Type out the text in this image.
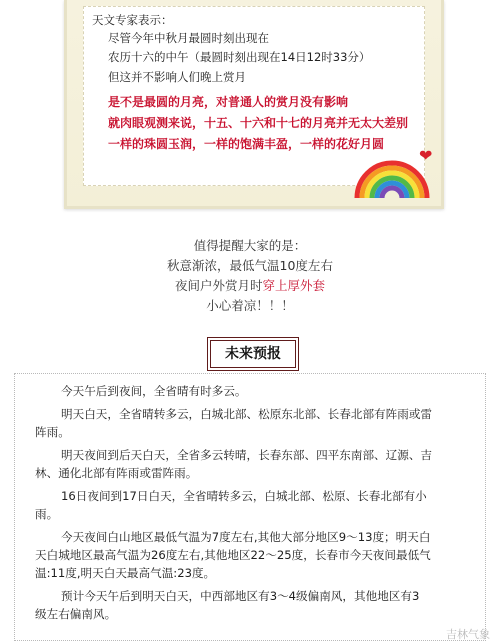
天文专家表示：
尽管今年中秋月最圆时刻出现在
农历十六的中午（最圆时刻出现在14日12时33分）
但这并不影响人们晚上赏月
是不是最圆的月亮，对普通人的赏月没有影响
就肉眼观测来说，十五、十六和十七的月亮并无太大差别
一样的珠圆玉润，一样的饱满丰盈，一样的花好月圆
❤
值得提醒大家的是：
秋意渐浓，最低气温10度左右
夜间户外赏月时穿上厚外套
小心着凉！！！
未来预报
今天午后到夜间，全省晴有时多云。
明天白天，全省晴转多云，白城北部、松原东北部、长春北部有阵雨或雷
阵雨。
明天夜间到后天白天，全省多云转晴，长春东部、四平东南部、辽源、吉
林、通化北部有阵雨或雷阵雨。
16日夜间到17日白天，全省晴转多云，白城北部、松原、长春北部有小
雨。
今天夜间白山地区最低气温为7度左右,其他大部分地区9～13度；明天白
天白城地区最高气温为26度左右,其他地区22～25度，长春市今天夜间最低气
温:11度,明天白天最高气温:23度。
预计今天午后到明天白天，中西部地区有3～4级偏南风，其他地区有3
级左右偏南风。
吉林气象
